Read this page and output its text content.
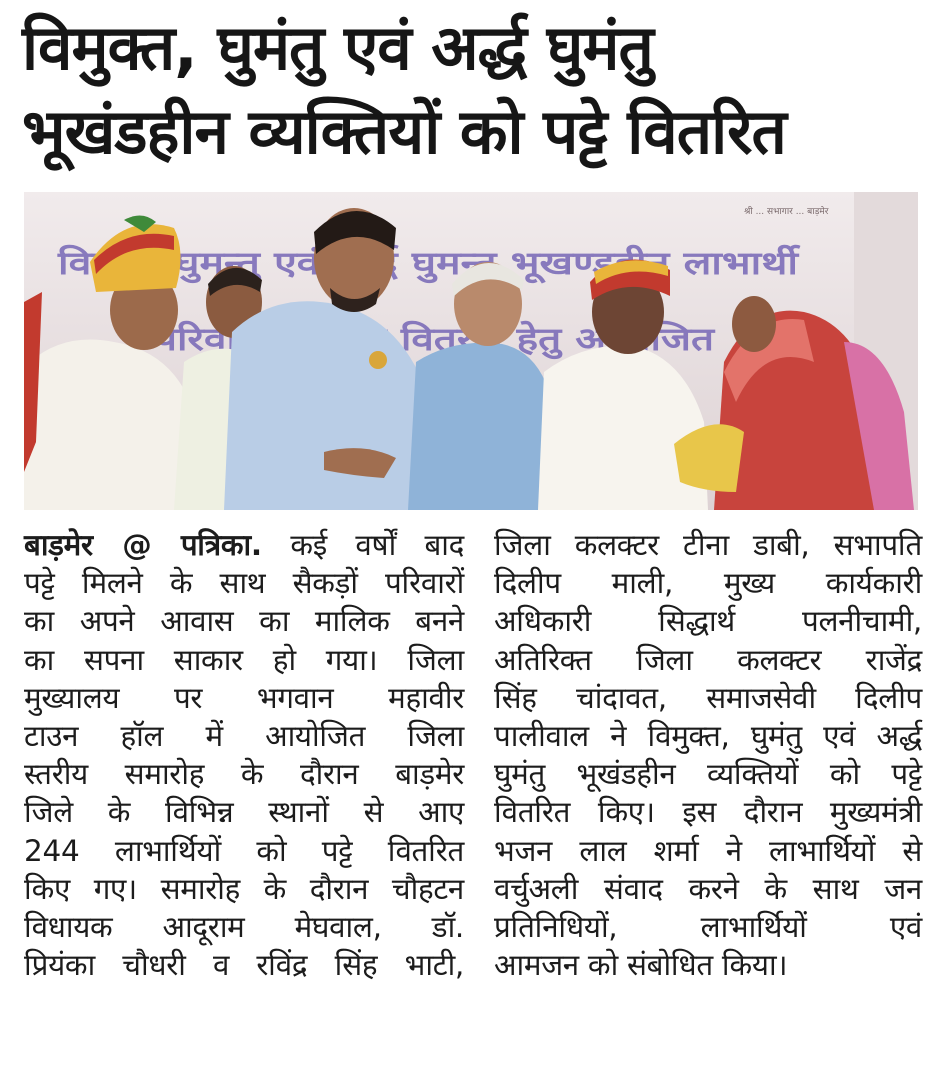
विमुक्त, घुमंतु एवं अर्द्ध घुमंतु
भूखंडहीन व्यक्तियों को पट्टे वितरित
श्री ... सभागार ... बाड़मेर
बाड़मेर @ पत्रिका. कई वर्षों बाद
पट्टे मिलने के साथ सैकड़ों परिवारों
का अपने आवास का मालिक बनने
का सपना साकार हो गया। जिला
मुख्यालय पर भगवान महावीर
टाउन हॉल में आयोजित जिला
स्तरीय समारोह के दौरान बाड़मेर
जिले के विभिन्न स्थानों से आए
244 लाभार्थियों को पट्टे वितरित
किए गए। समारोह के दौरान चौहटन
विधायक आदूराम मेघवाल, डॉ.
प्रियंका चौधरी व रविंद्र सिंह भाटी,
जिला कलक्टर टीना डाबी, सभापति
दिलीप माली, मुख्य कार्यकारी
अधिकारी सिद्धार्थ पलनीचामी,
अतिरिक्त जिला कलक्टर राजेंद्र
सिंह चांदावत, समाजसेवी दिलीप
पालीवाल ने विमुक्त, घुमंतु एवं अर्द्ध
घुमंतु भूखंडहीन व्यक्तियों को पट्टे
वितरित किए। इस दौरान मुख्यमंत्री
भजन लाल शर्मा ने लाभार्थियों से
वर्चुअली संवाद करने के साथ जन
प्रतिनिधियों, लाभार्थियों एवं
आमजन को संबोधित किया।
